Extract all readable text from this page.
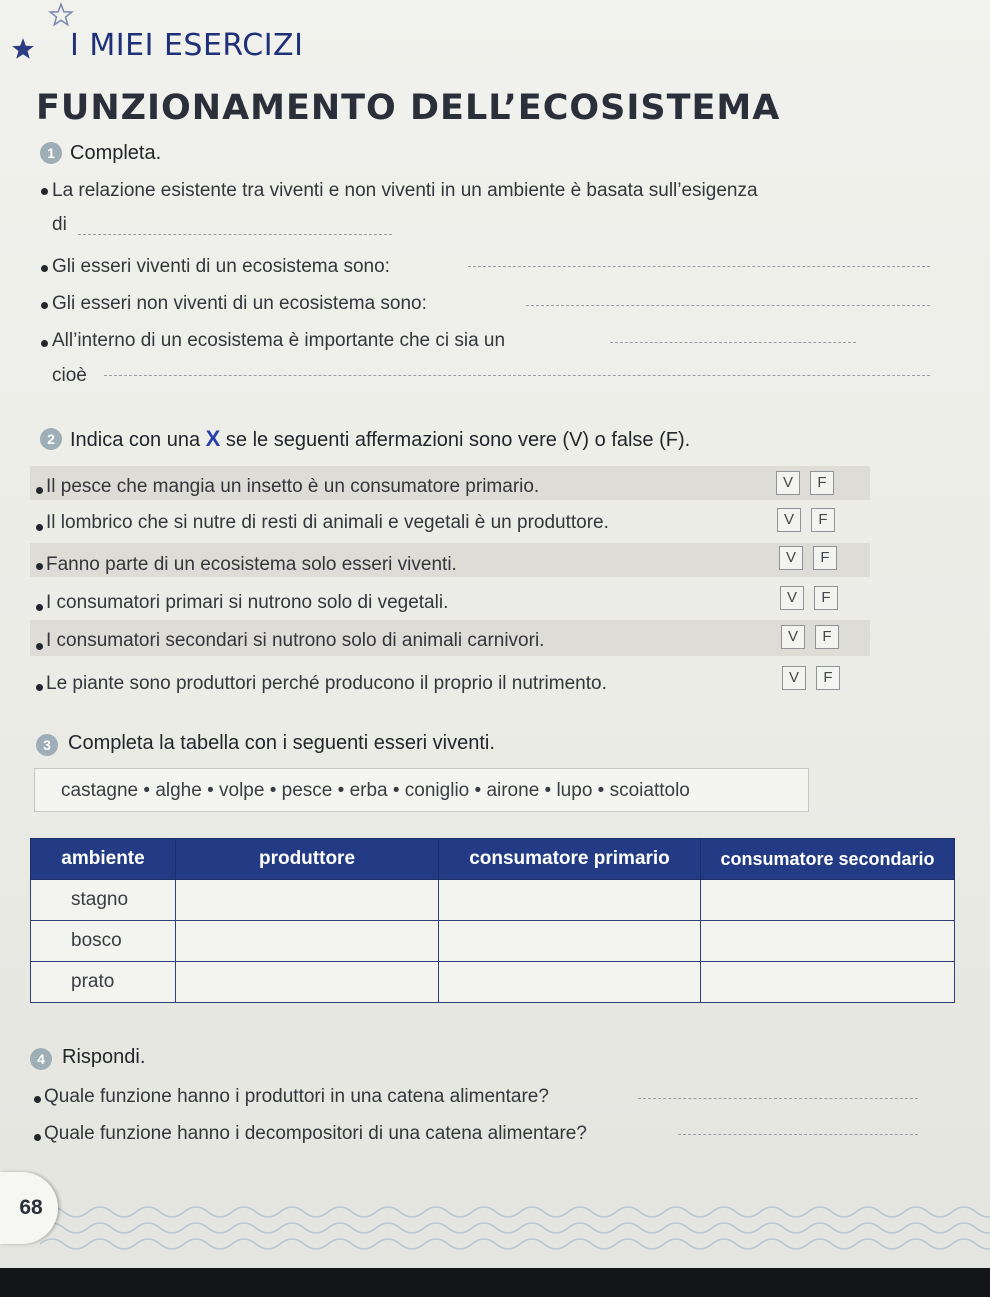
I MIEI ESERCIZI
FUNZIONAMENTO DELL’ECOSISTEMA
1 Completa.
La relazione esistente tra viventi e non viventi in un ambiente è basata sull’esigenza
di
Gli esseri viventi di un ecosistema sono:
Gli esseri non viventi di un ecosistema sono:
All’interno di un ecosistema è importante che ci sia un
cioè
2 Indica con una X se le seguenti affermazioni sono vere (V) o false (F).
Il pesce che mangia un insetto è un consumatore primario.	V	F
Il lombrico che si nutre di resti di animali e vegetali è un produttore.	V	F
Fanno parte di un ecosistema solo esseri viventi.	V	F
I consumatori primari si nutrono solo di vegetali.	V	F
I consumatori secondari si nutrono solo di animali carnivori.	V	F
Le piante sono produttori perché producono il proprio il nutrimento.	V	F
3 Completa la tabella con i seguenti esseri viventi.
castagne • alghe • volpe • pesce • erba • coniglio • airone • lupo • scoiattolo
ambiente	produttore	consumatore primario	consumatore secondario
stagno			
bosco			
prato			
4 Rispondi.
Quale funzione hanno i produttori in una catena alimentare?
Quale funzione hanno i decompositori di una catena alimentare?
68
